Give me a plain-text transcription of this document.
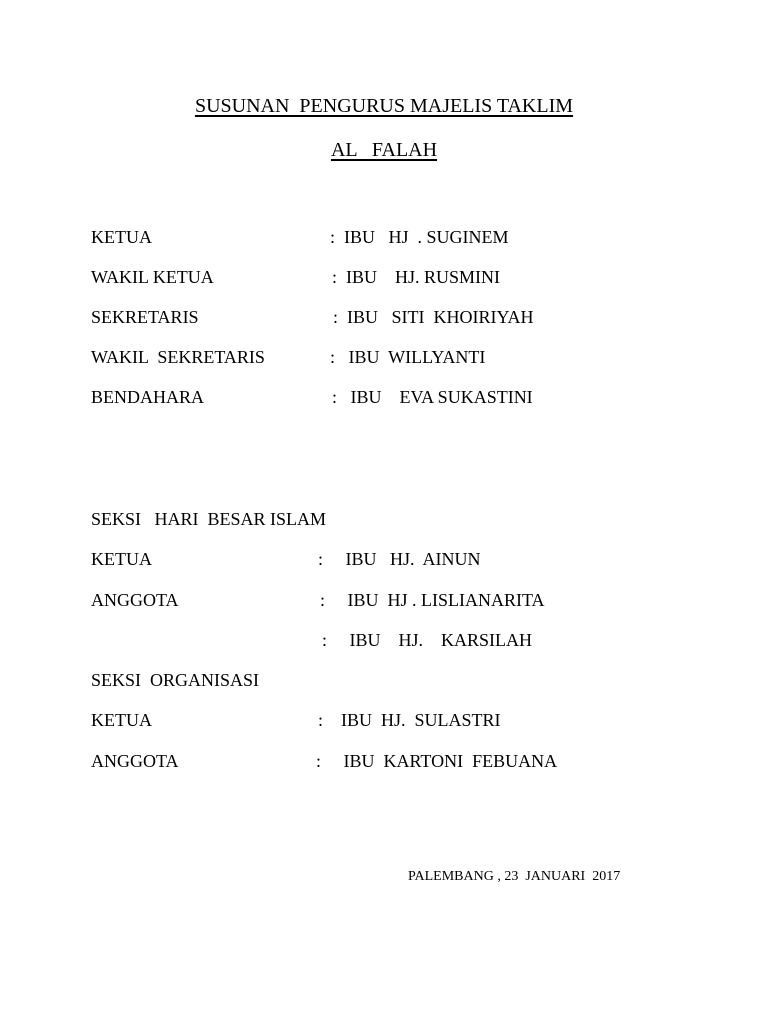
SUSUNAN  PENGURUS MAJELIS TAKLIM
AL   FALAH
KETUA	:  IBU   HJ  . SUGINEM
WAKIL KETUA	:  IBU    HJ. RUSMINI
SEKRETARIS	:  IBU   SITI  KHOIRIYAH
WAKIL  SEKRETARIS	:   IBU  WILLYANTI
BENDAHARA	:   IBU    EVA SUKASTINI
SEKSI   HARI  BESAR ISLAM
KETUA	:     IBU   HJ.  AINUN
ANGGOTA	:     IBU  HJ . LISLIANARITA
:     IBU    HJ.    KARSILAH
SEKSI  ORGANISASI
KETUA	:    IBU  HJ.  SULASTRI
ANGGOTA	:     IBU  KARTONI  FEBUANA
PALEMBANG , 23  JANUARI  2017
